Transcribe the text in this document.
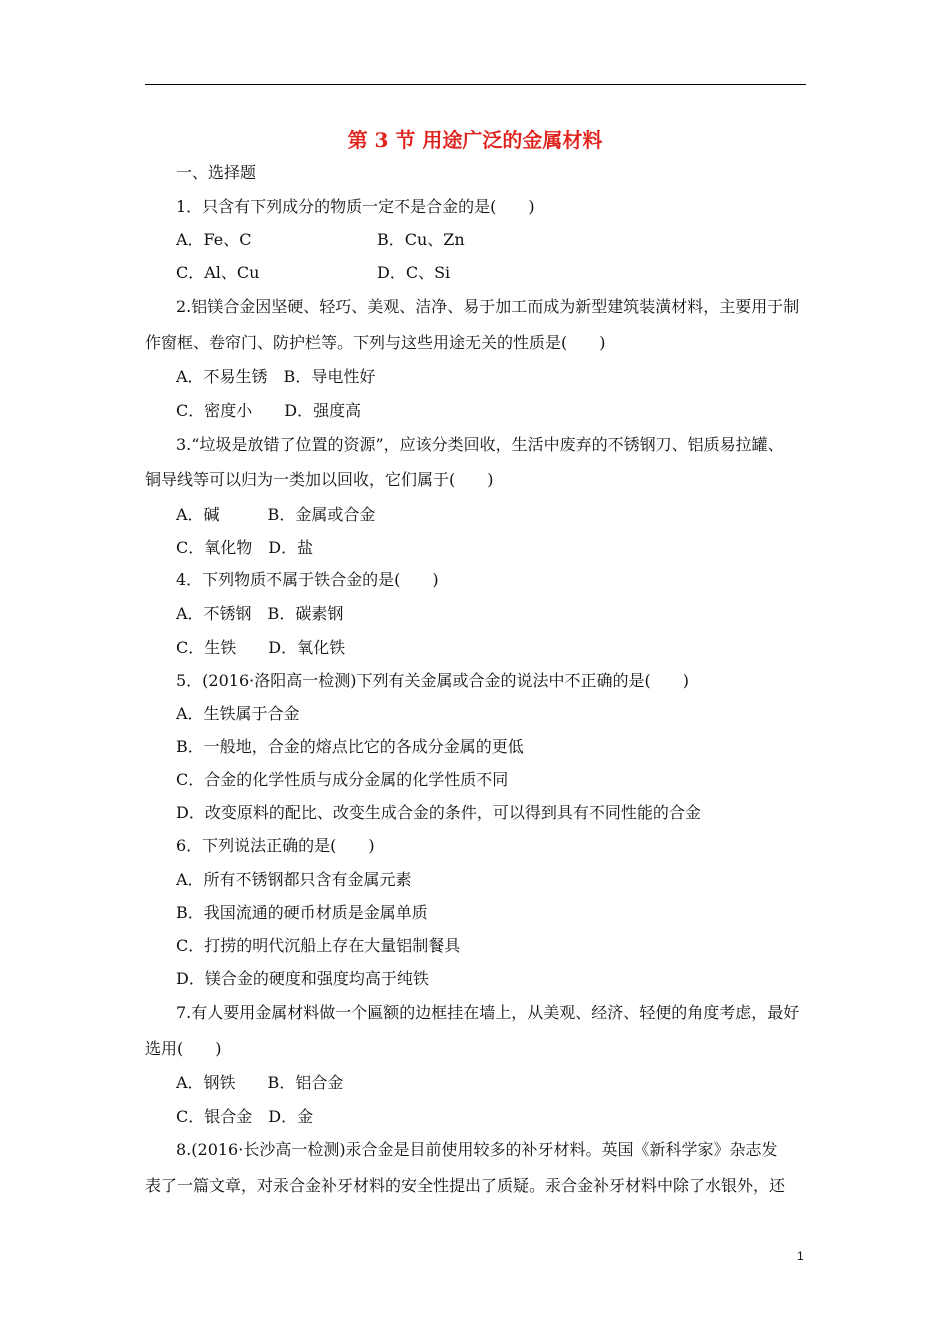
第 3 节 用途广泛的金属材料
一、选择题
1．只含有下列成分的物质一定不是合金的是(　　)
A．Fe、C	B．Cu、Zn
C．Al、Cu	D．C、Si
2.铝镁合金因坚硬、轻巧、美观、洁净、易于加工而成为新型建筑装潢材料，主要用于制
作窗框、卷帘门、防护栏等。下列与这些用途无关的性质是(　　)
A．不易生锈　B．导电性好
C．密度小　　D．强度高
3.“垃圾是放错了位置的资源”，应该分类回收，生活中废弃的不锈钢刀、铝质易拉罐、
铜导线等可以归为一类加以回收，它们属于(　　)
A．碱　　　B．金属或合金
C．氧化物　D．盐
4．下列物质不属于铁合金的是(　　)
A．不锈钢　B．碳素钢
C．生铁　　D．氧化铁
5．(2016·洛阳高一检测)下列有关金属或合金的说法中不正确的是(　　)
A．生铁属于合金
B．一般地，合金的熔点比它的各成分金属的更低
C．合金的化学性质与成分金属的化学性质不同
D．改变原料的配比、改变生成合金的条件，可以得到具有不同性能的合金
6．下列说法正确的是(　　)
A．所有不锈钢都只含有金属元素
B．我国流通的硬币材质是金属单质
C．打捞的明代沉船上存在大量铝制餐具
D．镁合金的硬度和强度均高于纯铁
7.有人要用金属材料做一个匾额的边框挂在墙上，从美观、经济、轻便的角度考虑，最好
选用(　　)
A．钢铁　　B．铝合金
C．银合金　D．金
8.(2016·长沙高一检测)汞合金是目前使用较多的补牙材料。英国《新科学家》杂志发
表了一篇文章，对汞合金补牙材料的安全性提出了质疑。汞合金补牙材料中除了水银外，还
1
